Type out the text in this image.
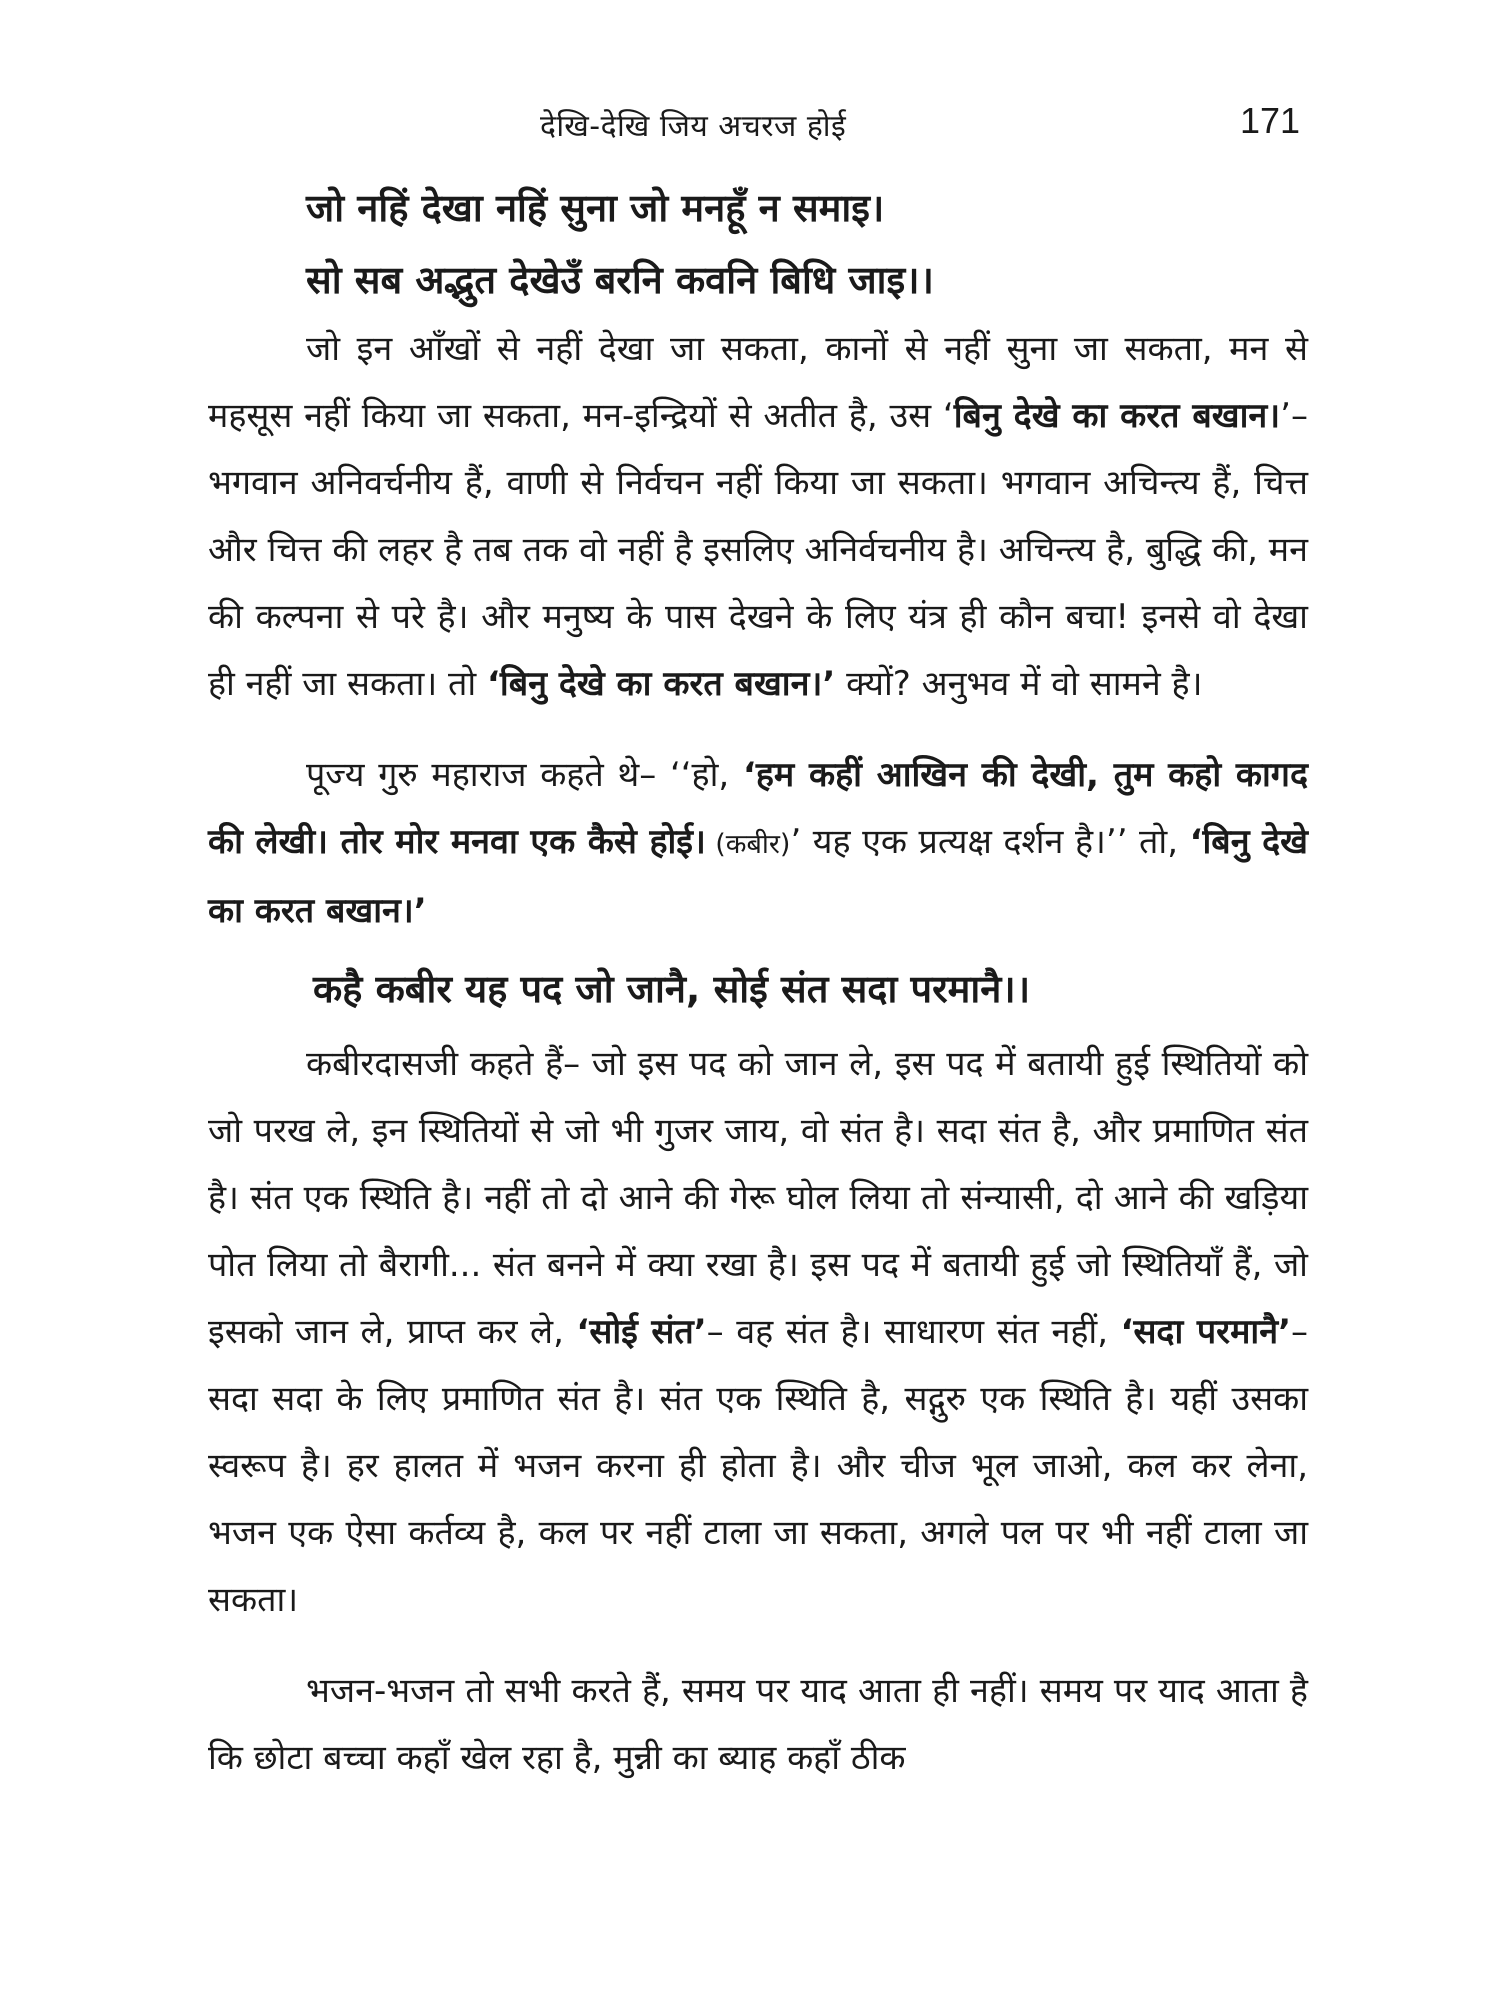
देखि-देखि जिय अचरज होई	171
जो नहिं देखा नहिं सुना जो मनहूँ न समाइ।
सो सब अद्भुत देखेउँ बरनि कवनि बिधि जाइ।।

जो इन आँखों से नहीं देखा जा सकता, कानों से नहीं सुना जा सकता, मन से महसूस नहीं किया जा सकता, मन-इन्द्रियों से अतीत है, उस ‘बिनु देखे का करत बखान।’– भगवान अनिवर्चनीय हैं, वाणी से निर्वचन नहीं किया जा सकता। भगवान अचिन्त्य हैं, चित्त और चित्त की लहर है तब तक वो नहीं है इसलिए अनिर्वचनीय है। अचिन्त्य है, बुद्धि की, मन की कल्पना से परे है। और मनुष्य के पास देखने के लिए यंत्र ही कौन बचा! इनसे वो देखा ही नहीं जा सकता। तो ‘बिनु देखे का करत बखान।’ क्यों? अनुभव में वो सामने है।

पूज्य गुरु महाराज कहते थे– ‘‘हो, ‘हम कहीं आखिन की देखी, तुम कहो कागद की लेखी। तोर मोर मनवा एक कैसे होई। (कबीर)’ यह एक प्रत्यक्ष दर्शन है।’’ तो, ‘बिनु देखे का करत बखान।’

कहै कबीर यह पद जो जानै, सोई संत सदा परमानै।।

कबीरदासजी कहते हैं– जो इस पद को जान ले, इस पद में बतायी हुई स्थितियों को जो परख ले, इन स्थितियों से जो भी गुजर जाय, वो संत है। सदा संत है, और प्रमाणित संत है। संत एक स्थिति है। नहीं तो दो आने की गेरू घोल लिया तो संन्यासी, दो आने की खड़िया पोत लिया तो बैरागी... संत बनने में क्या रखा है। इस पद में बतायी हुई जो स्थितियाँ हैं, जो इसको जान ले, प्राप्त कर ले, ‘सोई संत’– वह संत है। साधारण संत नहीं, ‘सदा परमानै’– सदा सदा के लिए प्रमाणित संत है। संत एक स्थिति है, सद्गुरु एक स्थिति है। यहीं उसका स्वरूप है। हर हालत में भजन करना ही होता है। और चीज भूल जाओ, कल कर लेना, भजन एक ऐसा कर्तव्य है, कल पर नहीं टाला जा सकता, अगले पल पर भी नहीं टाला जा सकता।

भजन-भजन तो सभी करते हैं, समय पर याद आता ही नहीं। समय पर याद आता है कि छोटा बच्चा कहाँ खेल रहा है, मुन्नी का ब्याह कहाँ ठीक
